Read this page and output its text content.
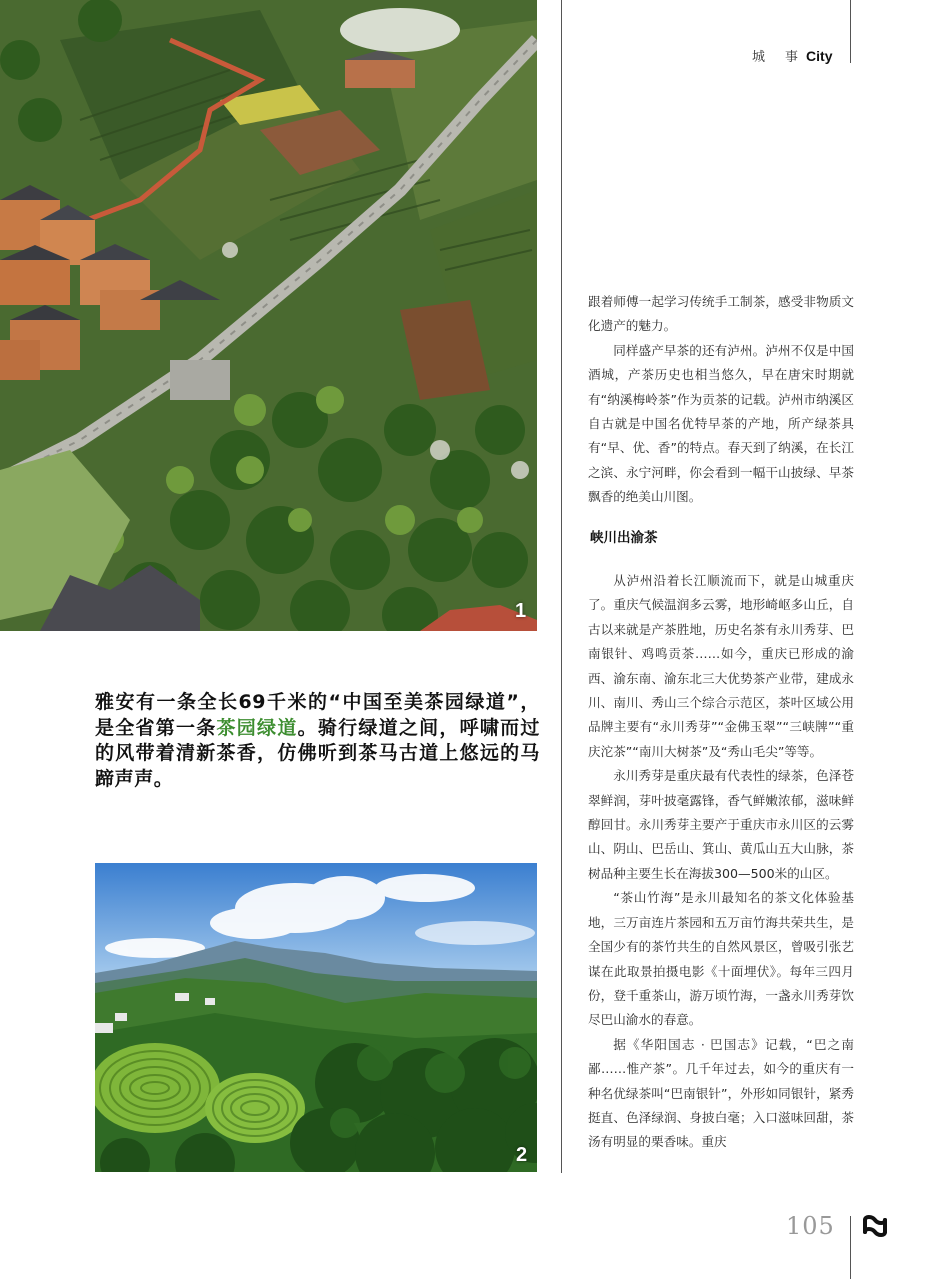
1
城 事 City
雅安有一条全长69千米的“中国至美茶园绿道”，是全省第一条茶园绿道。骑行绿道之间，呼啸而过的风带着清新茶香，仿佛听到茶马古道上悠远的马蹄声声。
2

跟着师傅一起学习传统手工制茶，感受非物质文化遗产的魅力。

同样盛产早茶的还有泸州。泸州不仅是中国酒城，产茶历史也相当悠久，早在唐宋时期就有“纳溪梅岭茶”作为贡茶的记载。泸州市纳溪区自古就是中国名优特早茶的产地，所产绿茶具有“早、优、香”的特点。春天到了纳溪，在长江之滨、永宁河畔，你会看到一幅干山披绿、早茶飘香的绝美山川图。

峡川出渝茶

从泸州沿着长江顺流而下，就是山城重庆了。重庆气候温润多云雾，地形崎岖多山丘，自古以来就是产茶胜地，历史名茶有永川秀芽、巴南银针、鸡鸣贡茶……如今，重庆已形成的渝西、渝东南、渝东北三大优势茶产业带，建成永川、南川、秀山三个综合示范区，茶叶区域公用品牌主要有“永川秀芽”“金佛玉翠”“三峡牌”“重庆沱茶”“南川大树茶”及“秀山毛尖”等等。

永川秀芽是重庆最有代表性的绿茶，色泽苍翠鲜润，芽叶披毫露锋，香气鲜嫩浓郁，滋味鲜醇回甘。永川秀芽主要产于重庆市永川区的云雾山、阴山、巴岳山、箕山、黄瓜山五大山脉，茶树品种主要生长在海拔300—500米的山区。

“茶山竹海”是永川最知名的茶文化体验基地，三万亩连片茶园和五万亩竹海共荣共生，是全国少有的茶竹共生的自然风景区，曾吸引张艺谋在此取景拍摄电影《十面埋伏》。每年三四月份，登千重茶山，游万顷竹海，一盏永川秀芽饮尽巴山渝水的春意。

据《华阳国志 · 巴国志》记载，“巴之南鄙……惟产茶”。几千年过去，如今的重庆有一种名优绿茶叫“巴南银针”，外形如同银针，紧秀挺直、色泽绿润、身披白毫；入口滋味回甜，茶汤有明显的栗香味。重庆

105
